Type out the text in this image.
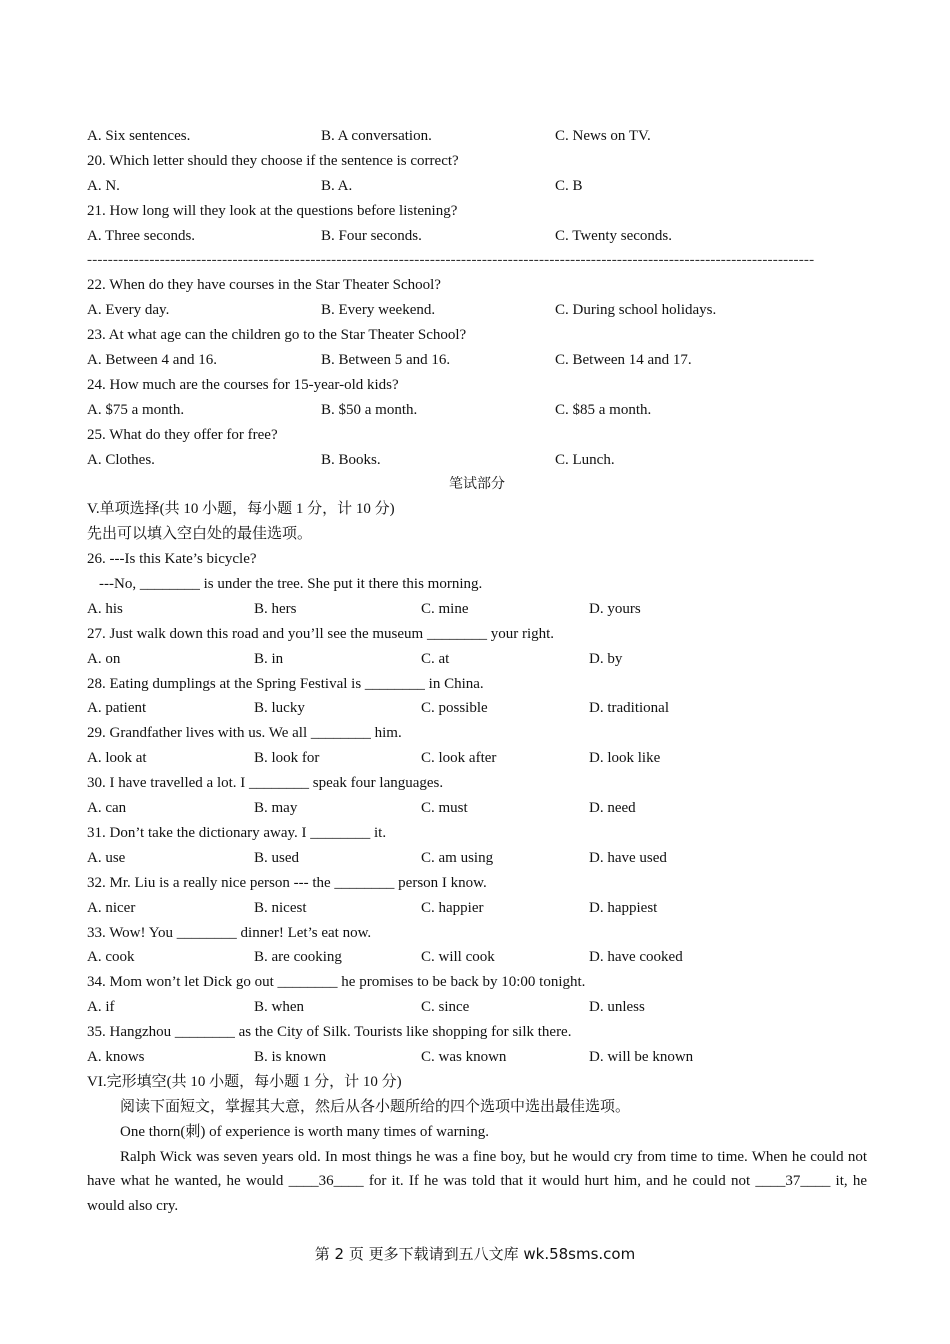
A. Six sentences.	B. A conversation.	C. News on TV.
20. Which letter should they choose if the sentence is correct?
A. N.	B. A.	C. B
21. How long will they look at the questions before listening?
A. Three seconds.	B. Four seconds.	C. Twenty seconds.
--------------------------------------------------------------------------------------------------------------------------------------------
22. When do they have courses in the Star Theater School?
A. Every day.	B. Every weekend.	C. During school holidays.
23. At what age can the children go to the Star Theater School?
A. Between 4 and 16.	B. Between 5 and 16.	C. Between 14 and 17.
24. How much are the courses for 15-year-old kids?
A. $75 a month.	B. $50 a month.	C. $85 a month.
25. What do they offer for free?
A. Clothes.	B. Books.	C. Lunch.
笔试部分
V.单项选择(共 10 小题，每小题 1 分，计 10 分)
先出可以填入空白处的最佳选项。
26. ---Is this Kate’s bicycle?
---No, ________ is under the tree. She put it there this morning.
A. his	B. hers	C. mine	D. yours
27. Just walk down this road and you’ll see the museum ________ your right.
A. on	B. in	C. at	D. by
28. Eating dumplings at the Spring Festival is ________ in China.
A. patient	B. lucky	C. possible	D. traditional
29. Grandfather lives with us. We all ________ him.
A. look at	B. look for	C. look after	D. look like
30. I have travelled a lot. I ________ speak four languages.
A. can	B. may	C. must	D. need
31. Don’t take the dictionary away. I ________ it.
A. use	B. used	C. am using	D. have used
32. Mr. Liu is a really nice person --- the ________ person I know.
A. nicer	B. nicest	C. happier	D. happiest
33. Wow! You ________ dinner! Let’s eat now.
A. cook	B. are cooking	C. will cook	D. have cooked
34. Mom won’t let Dick go out ________ he promises to be back by 10:00 tonight.
A. if	B. when	C. since	D. unless
35. Hangzhou ________ as the City of Silk. Tourists like shopping for silk there.
A. knows	B. is known	C. was known	D. will be known
VI.完形填空(共 10 小题，每小题 1 分，计 10 分)
阅读下面短文，掌握其大意，然后从各小题所给的四个选项中选出最佳选项。
One thorn(刺) of experience is worth many times of warning.
Ralph Wick was seven years old. In most things he was a fine boy, but he would cry from time to time. When he could not have what he wanted, he would ____36____ for it. If he was told that it would hurt him, and he could not ____37____ it, he would also cry.
第 2 页 更多下载请到五八文库 wk.58sms.com
